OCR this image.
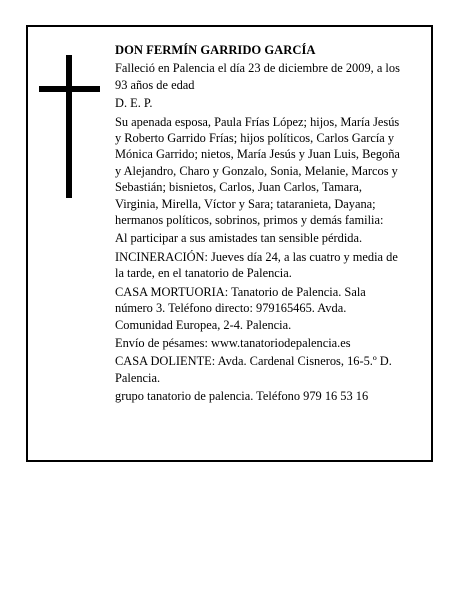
DON FERMÍN GARRIDO GARCÍA

Falleció en Palencia el día 23 de diciembre de 2009, a los 93 años de edad

D. E. P.

Su apenada esposa, Paula Frías López; hijos, María Jesús y Roberto Garrido Frías; hijos políticos, Carlos García y Mónica Garrido; nietos, María Jesús y Juan Luis, Begoña y Alejandro, Charo y Gonzalo, Sonia, Melanie, Marcos y Sebastián; bisnietos, Carlos, Juan Carlos, Tamara, Virginia, Mirella, Víctor y Sara; tataranieta, Dayana; hermanos políticos, sobrinos, primos y demás familia:

Al participar a sus amistades tan sensible pérdida.

INCINERACIÓN: Jueves día 24, a las cuatro y media de la tarde, en el tanatorio de Palencia.

CASA MORTUORIA: Tanatorio de Palencia. Sala número 3. Teléfono directo: 979165465. Avda. Comunidad Europea, 2-4. Palencia.

Envío de pésames: www.tanatoriodepalencia.es

CASA DOLIENTE: Avda. Cardenal Cisneros, 16-5.º D. Palencia.

grupo tanatorio de palencia. Teléfono 979 16 53 16
